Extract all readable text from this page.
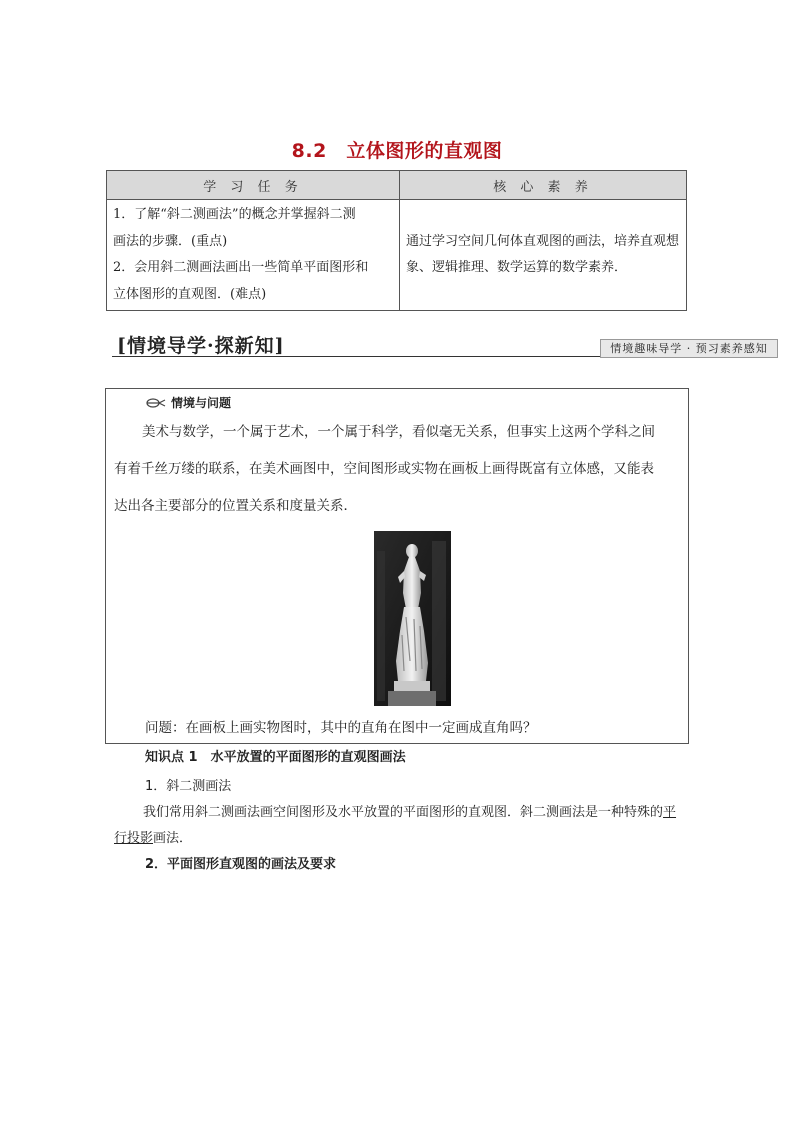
8.2　立体图形的直观图
学 习 任 务	核 心 素 养

1．了解“斜二测画法”的概念并掌握斜二测
画法的步骤．(重点)
2．会用斜二测画法画出一些简单平面图形和
立体图形的直观图．(难点)	通过学习空间几何体直观图的画法，培养直观想象、逻辑推理、数学运算的数学素养．
[情境导学·探新知]	情境趣味导学 · 预习素养感知
情境与问题
美术与数学，一个属于艺术，一个属于科学，看似毫无关系，但事实上这两个学科之间
有着千丝万缕的联系，在美术画图中，空间图形或实物在画板上画得既富有立体感，又能表
达出各主要部分的位置关系和度量关系．
问题：在画板上画实物图时，其中的直角在图中一定画成直角吗？
知识点 1　水平放置的平面图形的直观图画法
1．斜二测画法
我们常用斜二测画法画空间图形及水平放置的平面图形的直观图．斜二测画法是一种特殊的平行投影画法．
2．平面图形直观图的画法及要求
